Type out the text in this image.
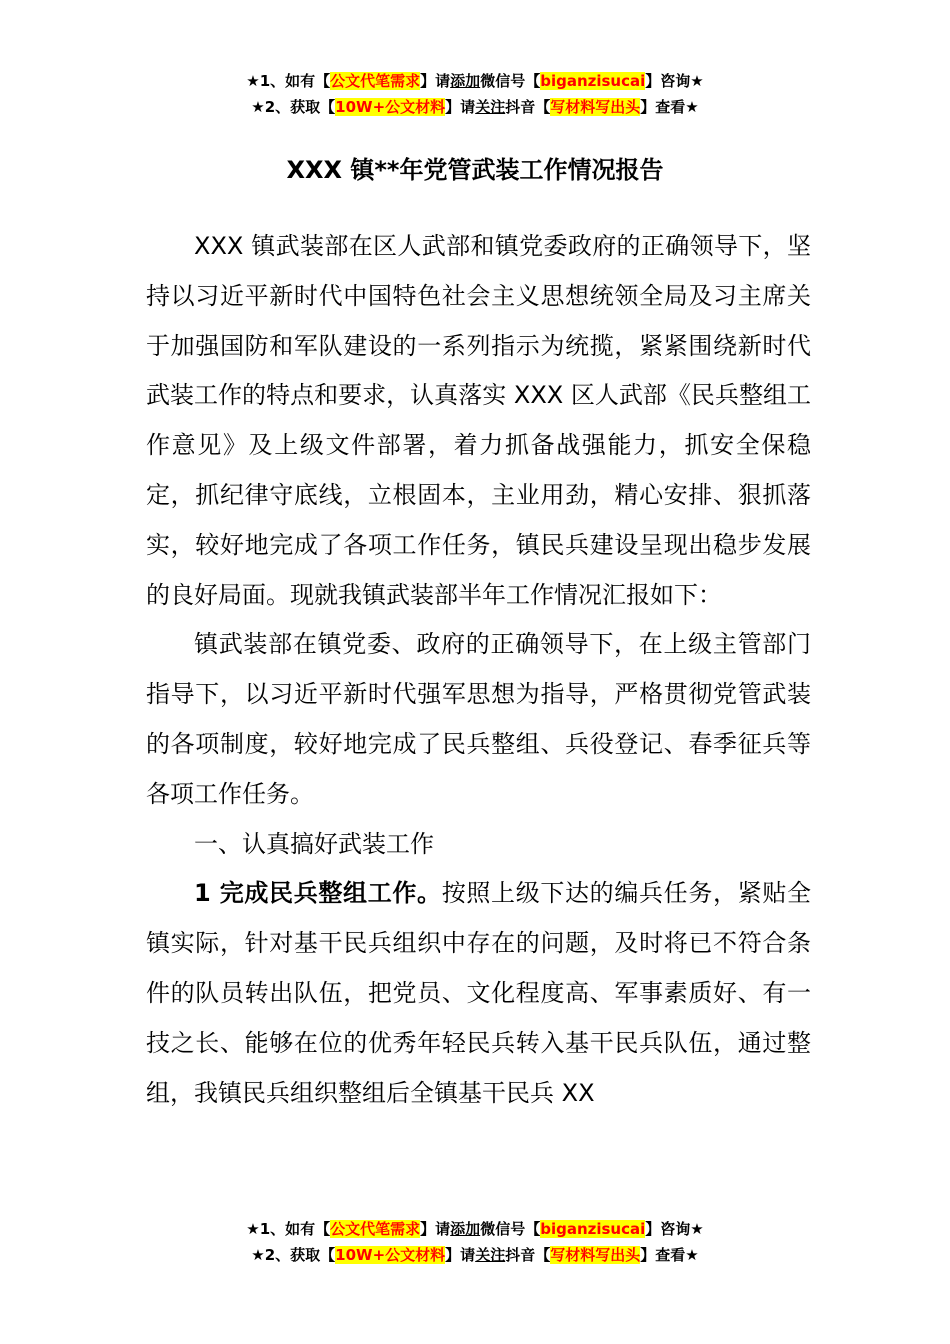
★1、如有【公文代笔需求】请添加微信号【biganzisucai】咨询★
★2、获取【10W+公文材料】请关注抖音【写材料写出头】查看★
XXX 镇**年党管武装工作情况报告

XXX 镇武装部在区人武部和镇党委政府的正确领导下，坚持以习近平新时代中国特色社会主义思想统领全局及习主席关于加强国防和军队建设的一系列指示为统揽，紧紧围绕新时代武装工作的特点和要求，认真落实 XXX 区人武部《民兵整组工作意见》及上级文件部署，着力抓备战强能力，抓安全保稳定，抓纪律守底线，立根固本，主业用劲，精心安排、狠抓落实，较好地完成了各项工作任务，镇民兵建设呈现出稳步发展的良好局面。现就我镇武装部半年工作情况汇报如下：

镇武装部在镇党委、政府的正确领导下，在上级主管部门指导下，以习近平新时代强军思想为指导，严格贯彻党管武装的各项制度，较好地完成了民兵整组、兵役登记、春季征兵等各项工作任务。

一、认真搞好武装工作

1 完成民兵整组工作。按照上级下达的编兵任务，紧贴全镇实际，针对基干民兵组织中存在的问题，及时将已不符合条件的队员转出队伍，把党员、文化程度高、军事素质好、有一技之长、能够在位的优秀年轻民兵转入基干民兵队伍，通过整组，我镇民兵组织整组后全镇基干民兵 XX

★1、如有【公文代笔需求】请添加微信号【biganzisucai】咨询★
★2、获取【10W+公文材料】请关注抖音【写材料写出头】查看★
